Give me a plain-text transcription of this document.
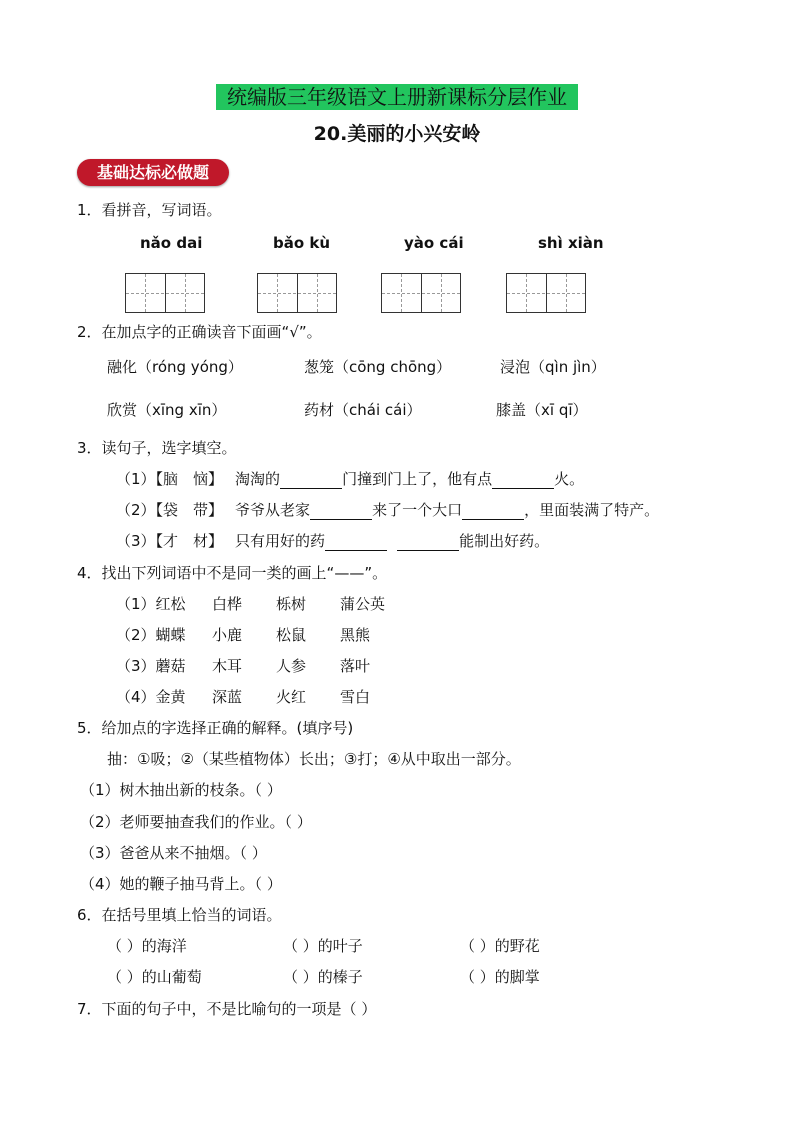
统编版三年级语文上册新课标分层作业
20.美丽的小兴安岭
基础达标必做题
1．看拼音，写词语。
nǎo dai	bǎo kù	yào cái	shì xiàn
2．在加点字的正确读音下面画“√”。
融化（róng yóng）	葱笼（cōng chōng）	浸泡（qìn jìn）
欣赏（xīng xīn）	药材（chái cái）	膝盖（xī qī）
3．读句子，选字填空。
（1）【脑　恼】 淘淘的	门撞到门上了，他有点	火。
（2）【袋　带】 爷爷从老家	来了一个大口	，里面装满了特产。
（3）【才　材】 只有用好的药	能制出好药。
4．找出下列词语中不是同一类的画上“——”。
（1）红松 白桦 栎树 蒲公英
（2）蝴蝶 小鹿 松鼠 黑熊
（3）蘑菇 木耳 人参 落叶
（4）金黄 深蓝 火红 雪白
5．给加点的字选择正确的解释。(填序号)
抽：①吸；②（某些植物体）长出；③打；④从中取出一部分。
（1）树木抽出新的枝条。（ ）
（2）老师要抽查我们的作业。（ ）
（3）爸爸从来不抽烟。（ ）
（4）她的鞭子抽马背上。（ ）
6．在括号里填上恰当的词语。
（ ）的海洋	（ ）的叶子	（ ）的野花
（ ）的山葡萄	（ ）的榛子	（ ）的脚掌
7．下面的句子中，不是比喻句的一项是（ ）
